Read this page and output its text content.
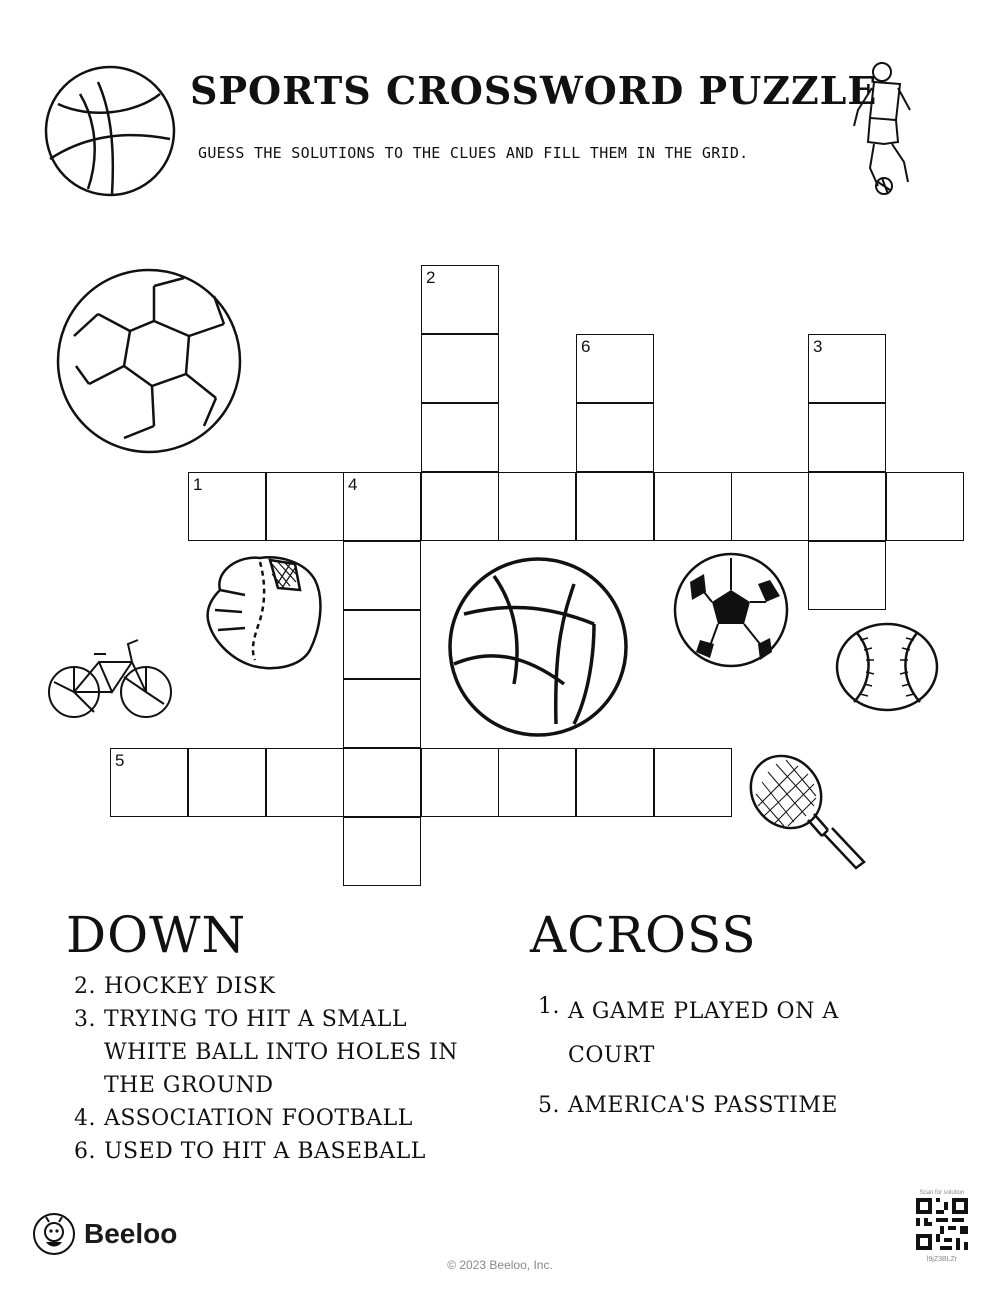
SPORTS CROSSWORD PUZZLE
GUESS THE SOLUTIONS TO THE CLUES AND FILL THEM IN THE GRID.
2
6	3
1	4
5
DOWN
2. HOCKEY DISK
3. TRYING TO HIT A SMALL WHITE BALL INTO HOLES IN THE GROUND
4. ASSOCIATION FOOTBALL
6. USED TO HIT A BASEBALL
ACROSS
1. A GAME PLAYED ON A COURT
5. AMERICA'S PASSTIME
Beeloo
© 2023 Beeloo, Inc.
Scan for solution
l9jZ3BLZr
